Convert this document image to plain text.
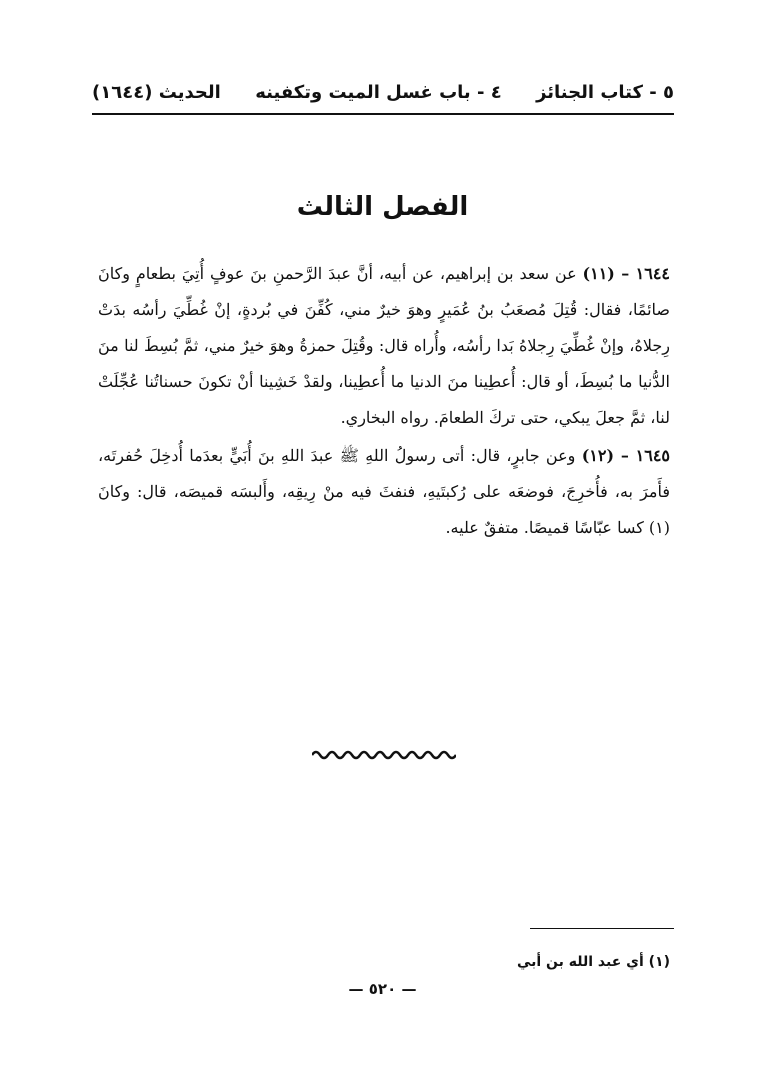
٥ - كتاب الجنائز
٤ - باب غسل الميت وتكفينه
الحديث (١٦٤٤)
الفصل الثالث

١٦٤٤ – (١١) عن سعد بن إبراهيم، عن أبيه، أنَّ عبدَ الرَّحمنِ بنَ عوفٍ أُتِيَ بطعامٍ وكانَ صائمًا، فقال: قُتِلَ مُصعَبُ بنُ عُمَيرٍ وهوَ خيرٌ مني، كُفِّنَ في بُردةٍ، إنْ غُطِّيَ رأسُه بدَتْ رِجلاهُ، وإنْ غُطِّيَ رِجلاهُ بَدا رأسُه، وأُراه قال: وقُتِلَ حمزةُ وهوَ خيرٌ مني، ثمَّ بُسِطَ لنا منَ الدُّنيا ما بُسِطَ، أو قال: أُعطِينا منَ الدنيا ما أُعطِينا، ولقدْ خَشِينا أنْ تكونَ حسناتُنا عُجِّلَتْ لنا، ثمَّ جعلَ يبكي، حتى تركَ الطعامَ. رواه البخاري.

١٦٤٥ – (١٢) وعن جابرٍ، قال: أتى رسولُ اللهِ ﷺ عبدَ اللهِ بنَ أُبَيٍّ بعدَما أُدخِلَ حُفرتَه، فأَمرَ به، فأُخرِجَ، فوضعَه على رُكبتَيهِ، فنفثَ فيه منْ رِيقِه، وأَلبسَه قميصَه، قال: وكانَ (١) كسا عبّاسًا قميصًا. متفقٌ عليه.

(١) أي عبد الله بن أبي
— ٥٢٠ —
